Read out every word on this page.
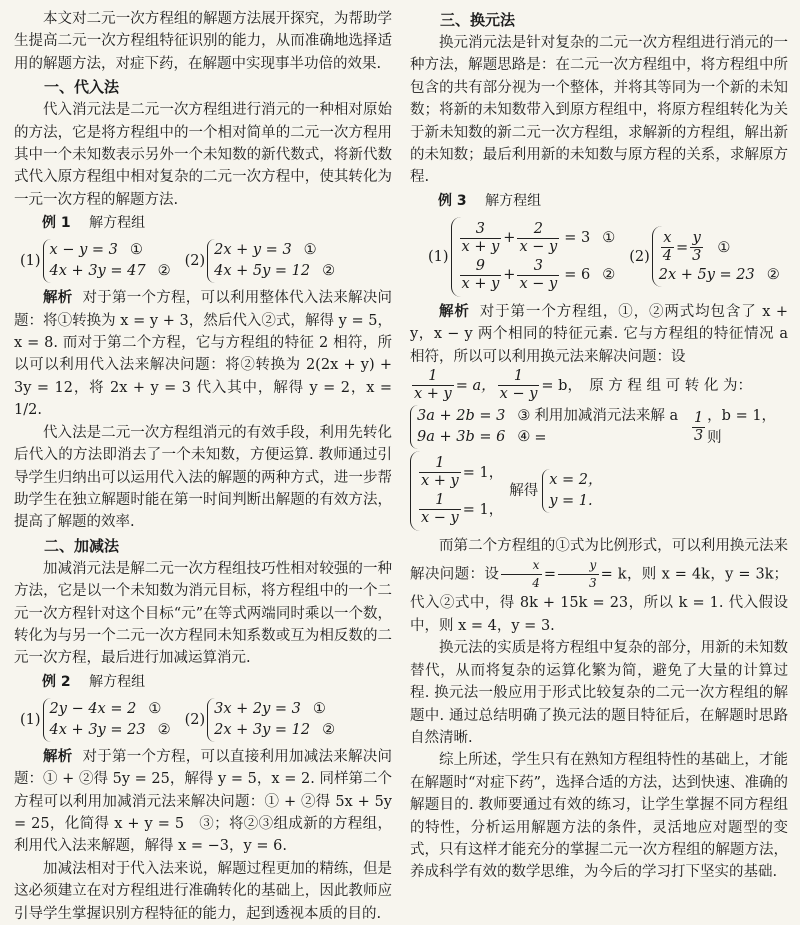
本文对二元一次方程组的解题方法展开探究，为帮助学生提高二元一次方程组特征识别的能力，从而准确地选择适用的解题方法，对症下药，在解题中实现事半功倍的效果.

一、代入法

代入消元法是二元一次方程组进行消元的一种相对原始的方法，它是将方程组中的一个相对简单的二元一次方程用其中一个未知数表示另外一个未知数的新代数式，将新代数式代入原方程组中相对复杂的二元一次方程中，使其转化为一元一次方程的解题方法.

例 1 解方程组
(1)
x − y = 3 ①
4x + 3y = 47 ②
(2)
2x + y = 3 ①
4x + 5y = 12 ②

解析 对于第一个方程，可以利用整体代入法来解决问题：将①转换为 x = y + 3，然后代入②式，解得 y = 5，x = 8. 而对于第二个方程，它与方程组的特征 2 相符，所以可以利用代入法来解决问题：将②转换为 2(2x + y) + 3y = 12，将 2x + y = 3 代入其中，解得 y = 2，x = 1/2.

代入法是二元一次方程组消元的有效手段，利用先转化后代入的方法即消去了一个未知数，方便运算. 教师通过引导学生归纳出可以运用代入法的解题的两种方式，进一步帮助学生在独立解题时能在第一时间判断出解题的有效方法，提高了解题的效率.

二、加减法

加减消元法是解二元一次方程组技巧性相对较强的一种方法，它是以一个未知数为消元目标，将方程组中的一个二元一次方程针对这个目标“元”在等式两端同时乘以一个数，转化为与另一个二元一次方程同未知系数或互为相反数的二元一次方程，最后进行加减运算消元.

例 2 解方程组
(1)
2y − 4x = 2 ①
4x + 3y = 23 ②
(2)
3x + 2y = 3 ①
2x + 3y = 12 ②

解析 对于第一个方程，可以直接利用加减法来解决问题：① + ②得 5y = 25，解得 y = 5，x = 2. 同样第二个方程可以利用加减消元法来解决问题：① + ②得 5x + 5y = 25，化简得 x + y = 5　③；将②③组成新的方程组，利用代入法来解题，解得 x = −3，y = 6.

加减法相对于代入法来说，解题过程更加的精练，但是这必须建立在对方程组进行准确转化的基础上，因此教师应引导学生掌握识别方程特征的能力，起到透视本质的目的.

三、换元法

换元消元法是针对复杂的二元一次方程组进行消元的一种方法，解题思路是：在二元一次方程组中，将方程组中所包含的共有部分视为一个整体，并将其等同为一个新的未知数；将新的未知数带入到原方程组中，将原方程组转化为关于新未知数的新二元一次方程组，求解新的方程组，解出新的未知数；最后利用新的未知数与原方程的关系，求解原方程.

例 3 解方程组
(1)
$\frac{3}{x + y} + \frac{2}{x - y} = 3$ ①
$\frac{9}{x + y} + \frac{3}{x - y} = 6$ ②
$(2) \frac{x}{4} = \frac{y}{3}$ ①
2x + 5y = 23 ②

解析 对于第一个方程组，①，②两式均包含了 x + y，x − y 两个相同的特征元素. 它与方程组的特征情况 a 相符，所以可以利用换元法来解决问题：设

$\frac{1}{x + y} = a$， $\frac{1}{x - y} = b$，　原 方 程 组 可 转 化 为：
3a + 2b = 3 ③
9a + 3b = 6 ④
利用加减消元法来解 a =	$\frac{1}{3}$ ，b = 1，则
$\frac{1}{x + y} = 1$，
$\frac{1}{x - y} = 1$，
解得
x = 2，
y = 1.

而第二个方程组的①式为比例形式，可以利用换元法来解决问题：设 $\frac{x}{4} = \frac{y}{3} = k$，则 x = 4k，y = 3k；代入②式中，得 8k + 15k = 23，所以 k = 1. 代入假设中，则 x = 4，y = 3.

换元法的实质是将方程组中复杂的部分，用新的未知数替代，从而将复杂的运算化繁为简，避免了大量的计算过程. 换元法一般应用于形式比较复杂的二元一次方程组的解题中. 通过总结明确了换元法的题目特征后，在解题时思路自然清晰.

综上所述，学生只有在熟知方程组特性的基础上，才能在解题时“对症下药”，选择合适的方法，达到快速、准确的解题目的. 教师要通过有效的练习，让学生掌握不同方程组的特性，分析运用解题方法的条件，灵活地应对题型的变式，只有这样才能充分的掌握二元一次方程组的解题方法，养成科学有效的数学思维，为今后的学习打下坚实的基础.
